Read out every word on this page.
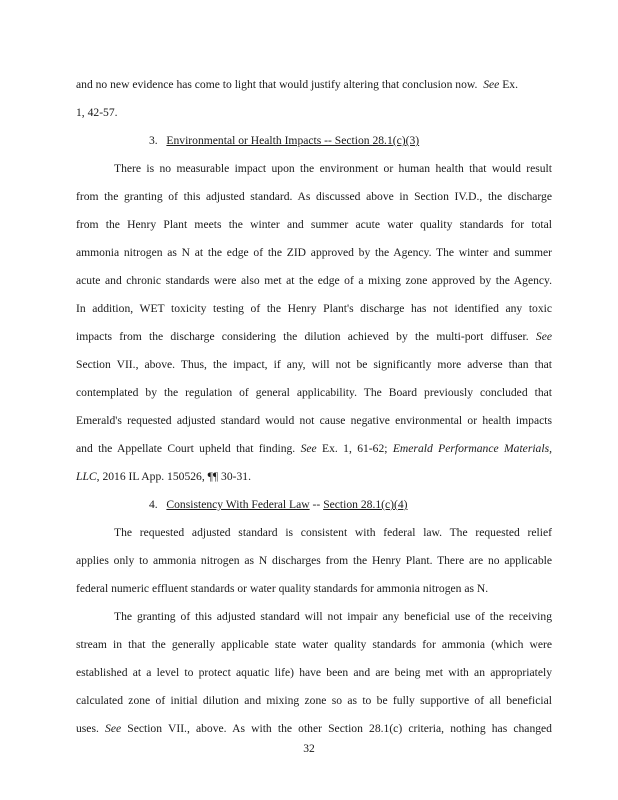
and no new evidence has come to light that would justify altering that conclusion now. See Ex.
1, 42-57.
3. Environmental or Health Impacts -- Section 28.1(c)(3)
There is no measurable impact upon the environment or human health that would result
from the granting of this adjusted standard. As discussed above in Section IV.D., the discharge
from the Henry Plant meets the winter and summer acute water quality standards for total
ammonia nitrogen as N at the edge of the ZID approved by the Agency. The winter and summer
acute and chronic standards were also met at the edge of a mixing zone approved by the Agency.
In addition, WET toxicity testing of the Henry Plant's discharge has not identified any toxic
impacts from the discharge considering the dilution achieved by the multi-port diffuser. See
Section VII., above. Thus, the impact, if any, will not be significantly more adverse than that
contemplated by the regulation of general applicability. The Board previously concluded that
Emerald's requested adjusted standard would not cause negative environmental or health impacts
and the Appellate Court upheld that finding. See Ex. 1, 61-62; Emerald Performance Materials,
LLC, 2016 IL App. 150526, ¶¶ 30-31.
4. Consistency With Federal Law -- Section 28.1(c)(4)
The requested adjusted standard is consistent with federal law. The requested relief
applies only to ammonia nitrogen as N discharges from the Henry Plant. There are no applicable
federal numeric effluent standards or water quality standards for ammonia nitrogen as N.
The granting of this adjusted standard will not impair any beneficial use of the receiving
stream in that the generally applicable state water quality standards for ammonia (which were
established at a level to protect aquatic life) have been and are being met with an appropriately
calculated zone of initial dilution and mixing zone so as to be fully supportive of all beneficial
uses. See Section VII., above. As with the other Section 28.1(c) criteria, nothing has changed
32
